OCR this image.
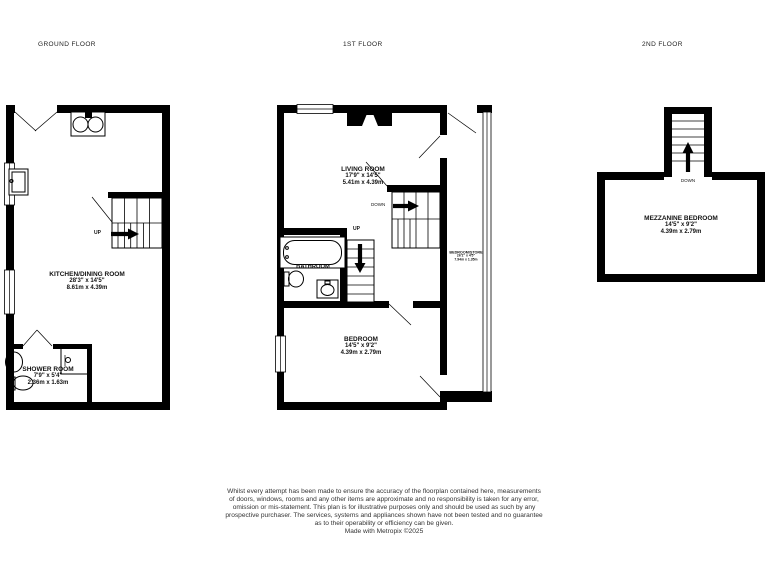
GROUND FLOOR	1ST FLOOR	2ND FLOOR
KITCHEN/DINING ROOM
28'3" x 14'5"
8.61m x 4.39m
SHOWER ROOM
7'9" x 5'4"
2.36m x 1.63m
LIVING ROOM
17'9" x 14'5"
5.41m x 4.39m
BATHROOM
BEDROOM
14'5" x 9'2"
4.39m x 2.79m
BEDROOM/STORE
26'1" x 4'5"
7.94m x 1.35m
MEZZANINE BEDROOM
14'5" x 9'2"
4.39m x 2.79m
UP
UP
DOWN
DOWN
Whilst every attempt has been made to ensure the accuracy of the floorplan contained here, measurements
of doors, windows, rooms and any other items are approximate and no responsibility is taken for any error,
omission or mis-statement. This plan is for illustrative purposes only and should be used as such by any
prospective purchaser. The services, systems and appliances shown have not been tested and no guarantee
as to their operability or efficiency can be given.
Made with Metropix ©2025
